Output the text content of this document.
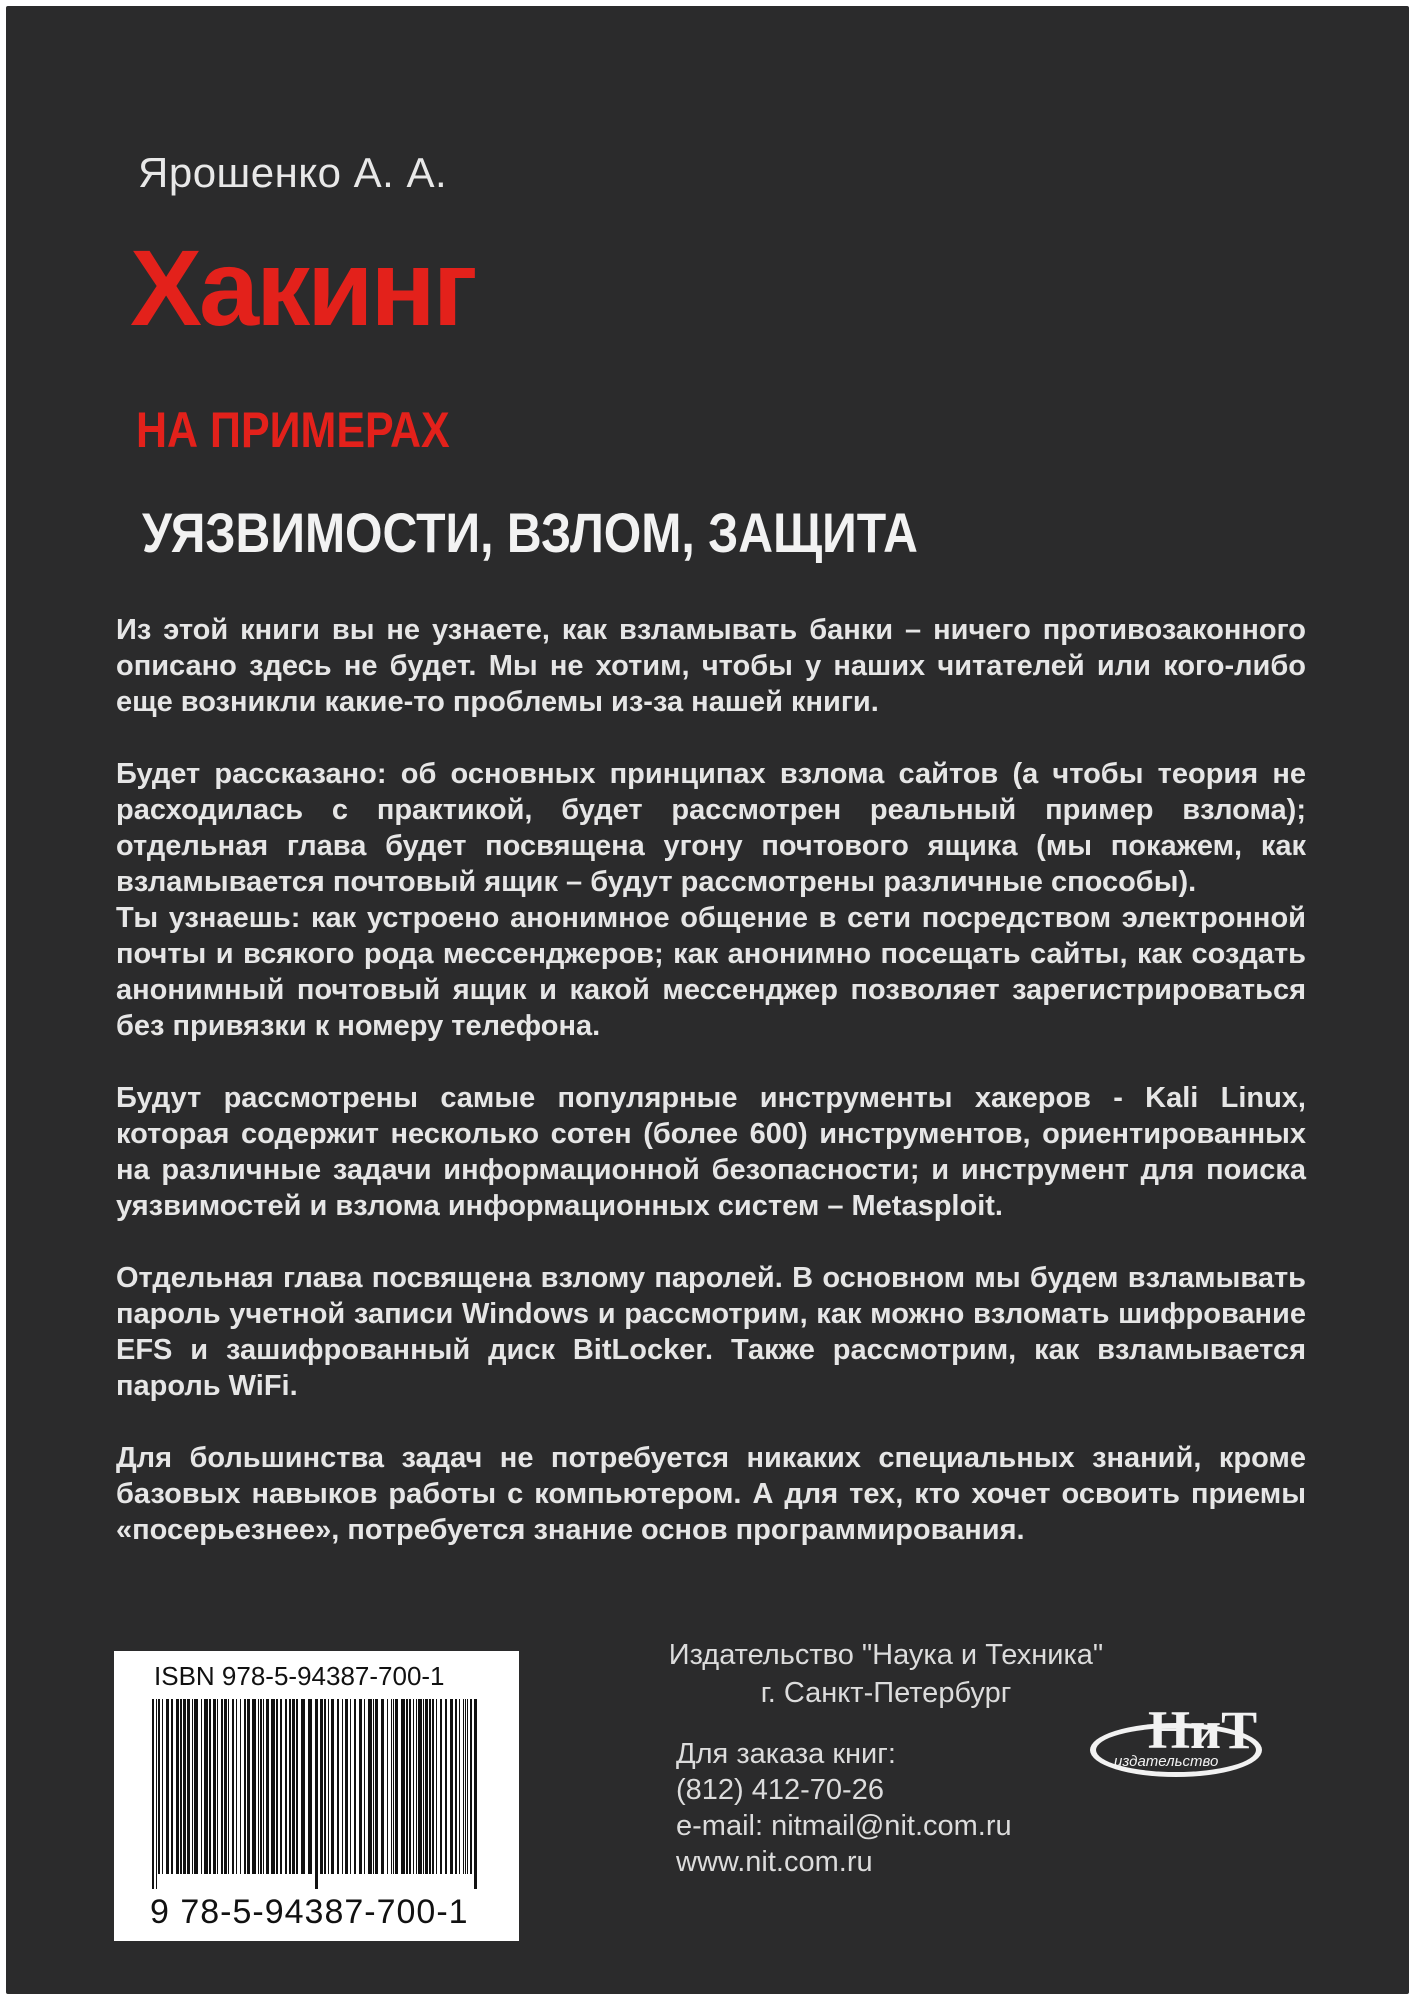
Ярошенко А. А.
Хакинг
НА ПРИМЕРАХ
УЯЗВИМОСТИ, ВЗЛОМ, ЗАЩИТА

Из этой книги вы не узнаете, как взламывать банки – ничего противозаконного описано здесь не будет. Мы не хотим, чтобы у наших читателей или кого-либо еще возникли какие-то проблемы из-за нашей книги.

Будет рассказано: об основных принципах взлома сайтов (а чтобы теория не расходилась с практикой, будет рассмотрен реальный пример взлома); отдельная глава будет посвящена угону почтового ящика (мы покажем, как взламывается почтовый ящик – будут рассмотрены различные способы).

Ты узнаешь: как устроено анонимное общение в сети посредством электронной почты и всякого рода мессенджеров; как анонимно посещать сайты, как создать анонимный почтовый ящик и какой мессенджер позволяет зарегистрироваться без привязки к номеру телефона.

Будут рассмотрены самые популярные инструменты хакеров - Kali Linux, которая содержит несколько сотен (более 600) инструментов, ориентированных на различные задачи информационной безопасности; и инструмент для поиска уязвимостей и взлома информационных систем – Metasploit.

Отдельная глава посвящена взлому паролей. В основном мы будем взламывать пароль учетной записи Windows и рассмотрим, как можно взломать шифрование EFS и зашифрованный диск BitLocker. Также рассмотрим, как взламывается пароль WiFi.

Для большинства задач не потребуется никаких специальных знаний, кроме базовых навыков работы с компьютером. А для тех, кто хочет освоить приемы «посерьезнее», потребуется знание основ программирования.

ISBN 978-5-94387-700-1
9 78-5-94387-700-1
Издательство "Наука и Техника"
г. Санкт-Петербург
Для заказа книг:
(812) 412-70-26
e-mail: nitmail@nit.com.ru
www.nit.com.ru
НиТ
издательство
